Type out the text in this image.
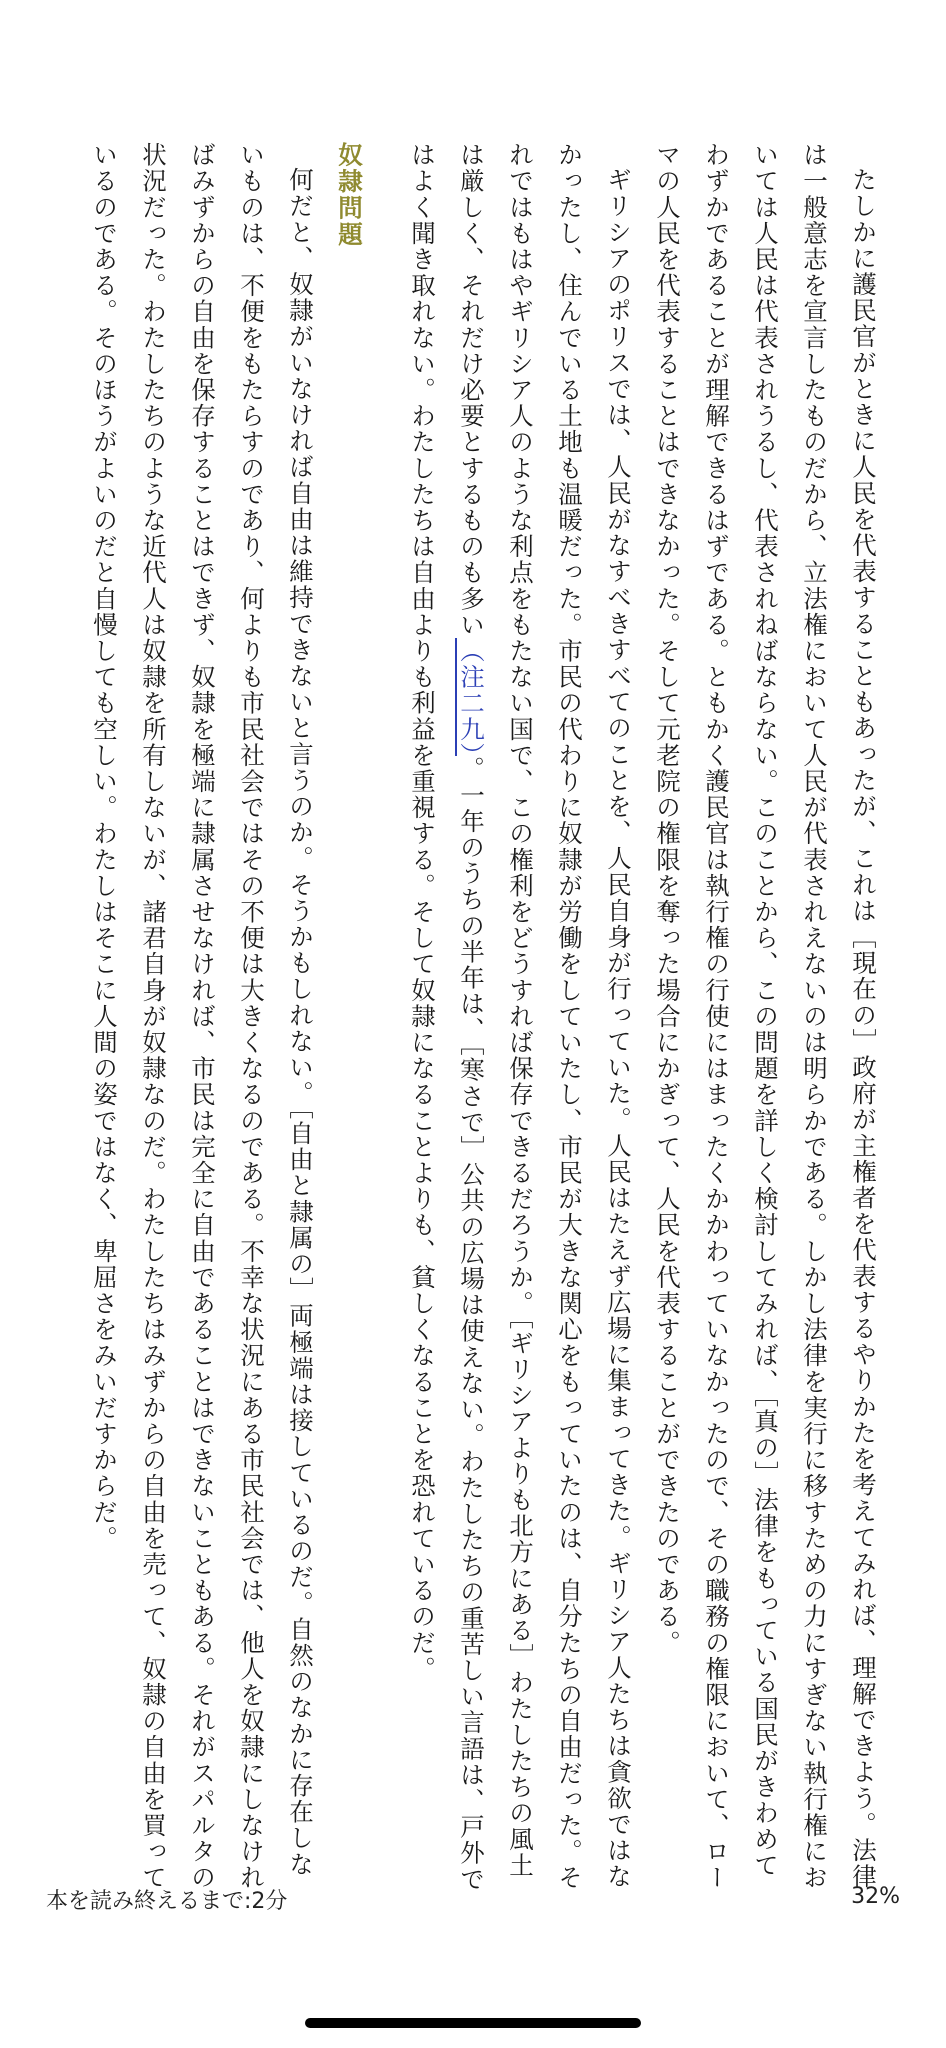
たしかに護民官がときに人民を代表することもあったが、これは［現在の］政府が主権者を代表するやりかたを考えてみれば、理解できよう。法律は一般意志を宣言したものだから、立法権において人民が代表されえないのは明らかである。しかし法律を実行に移すための力にすぎない執行権においては人民は代表されうるし、代表されねばならない。このことから、この問題を詳しく検討してみれば、［真の］法律をもっている国民がきわめてわずかであることが理解できるはずである。ともかく護民官は執行権の行使にはまったくかかわっていなかったので、その職務の権限において、ローマの人民を代表することはできなかった。そして元老院の権限を奪った場合にかぎって、人民を代表することができたのである。

ギリシアのポリスでは、人民がなすべきすべてのことを、人民自身が行っていた。人民はたえず広場に集まってきた。ギリシア人たちは貪欲ではなかったし、住んでいる土地も温暖だった。市民の代わりに奴隷が労働をしていたし、市民が大きな関心をもっていたのは、自分たちの自由だった。それではもはやギリシア人のような利点をもたない国で、この権利をどうすれば保存できるだろうか。［ギリシアよりも北方にある］わたしたちの風土は厳しく、それだけ必要とするものも多い（注二九）。一年のうちの半年は、［寒さで］公共の広場は使えない。わたしたちの重苦しい言語は、戸外ではよく聞き取れない。わたしたちは自由よりも利益を重視する。そして奴隷になることよりも、貧しくなることを恐れているのだ。

奴隷問題

何だと、奴隷がいなければ自由は維持できないと言うのか。そうかもしれない。［自由と隷属の］両極端は接しているのだ。自然のなかに存在しないものは、不便をもたらすのであり、何よりも市民社会ではその不便は大きくなるのである。不幸な状況にある市民社会では、他人を奴隷にしなければみずからの自由を保存することはできず、奴隷を極端に隷属させなければ、市民は完全に自由であることはできないこともある。それがスパルタの状況だった。わたしたちのような近代人は奴隷を所有しないが、諸君自身が奴隷なのだ。わたしたちはみずからの自由を売って、奴隷の自由を買っているのである。そのほうがよいのだと自慢しても空しい。わたしはそこに人間の姿ではなく、卑屈さをみいだすからだ。

本を読み終えるまで:2分	32%
